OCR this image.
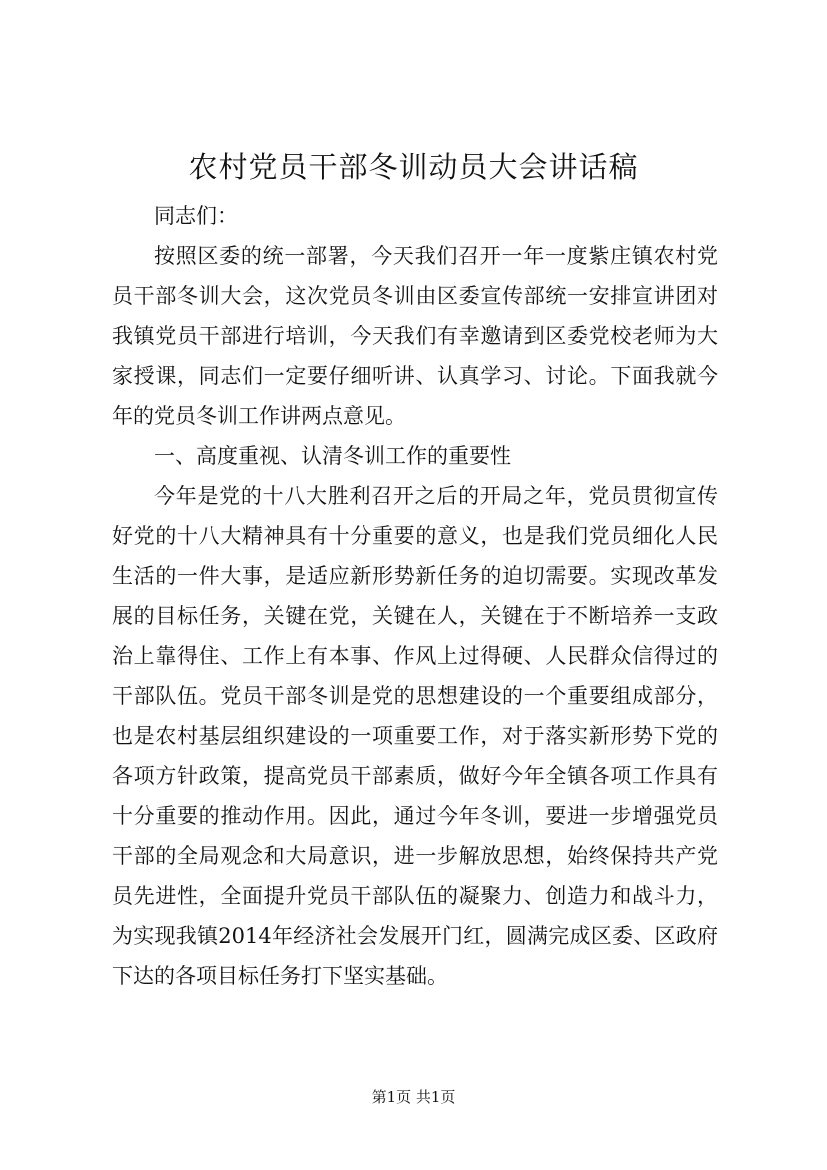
农村党员干部冬训动员大会讲话稿

同志们：

按照区委的统一部署，今天我们召开一年一度紫庄镇农村党员干部冬训大会，这次党员冬训由区委宣传部统一安排宣讲团对我镇党员干部进行培训，今天我们有幸邀请到区委党校老师为大家授课，同志们一定要仔细听讲、认真学习、讨论。下面我就今年的党员冬训工作讲两点意见。

一、高度重视、认清冬训工作的重要性

今年是党的十八大胜利召开之后的开局之年，党员贯彻宣传好党的十八大精神具有十分重要的意义，也是我们党员细化人民生活的一件大事，是适应新形势新任务的迫切需要。实现改革发展的目标任务，关键在党，关键在人，关键在于不断培养一支政治上靠得住、工作上有本事、作风上过得硬、人民群众信得过的干部队伍。党员干部冬训是党的思想建设的一个重要组成部分，也是农村基层组织建设的一项重要工作，对于落实新形势下党的各项方针政策，提高党员干部素质，做好今年全镇各项工作具有十分重要的推动作用。因此，通过今年冬训，要进一步增强党员干部的全局观念和大局意识，进一步解放思想，始终保持共产党员先进性，全面提升党员干部队伍的凝聚力、创造力和战斗力，为实现我镇2014年经济社会发展开门红，圆满完成区委、区政府下达的各项目标任务打下坚实基础。

第1页 共1页
